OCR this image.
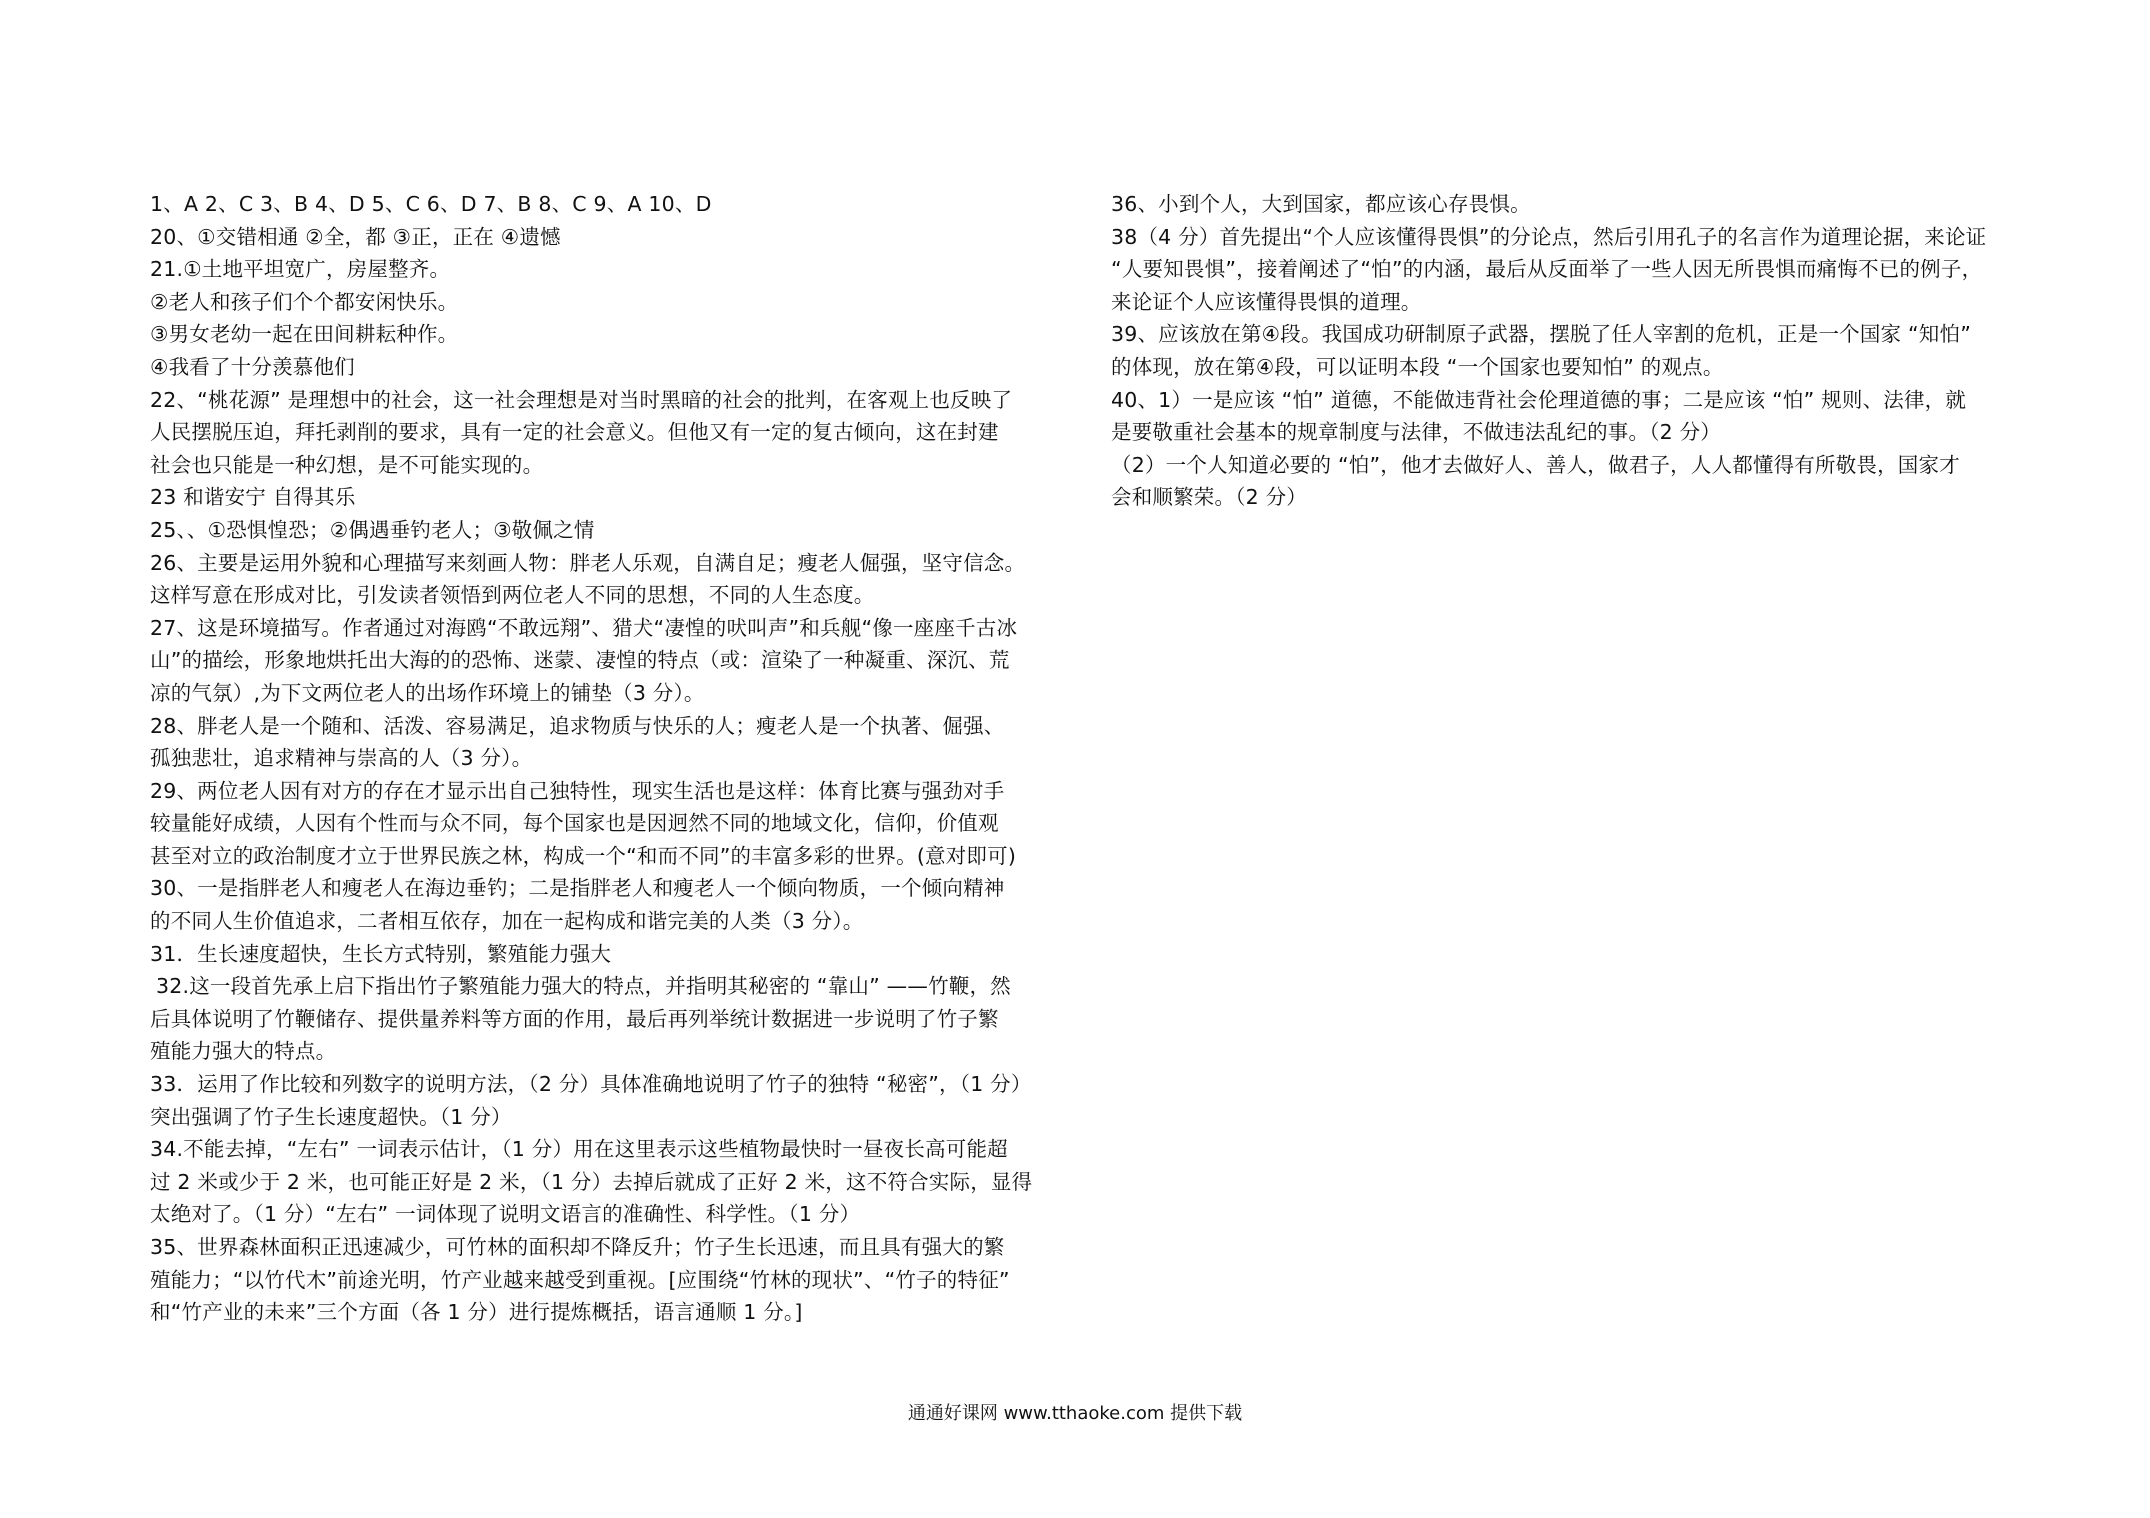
1、A 2、C 3、B 4、D 5、C 6、D 7、B 8、C 9、A 10、D
20、①交错相通 ②全，都 ③正，正在 ④遗憾
21.①土地平坦宽广，房屋整齐。
②老人和孩子们个个都安闲快乐。
③男女老幼一起在田间耕耘种作。
④我看了十分羡慕他们
22、“桃花源” 是理想中的社会，这一社会理想是对当时黑暗的社会的批判，在客观上也反映了
人民摆脱压迫，拜托剥削的要求，具有一定的社会意义。但他又有一定的复古倾向，这在封建
社会也只能是一种幻想，是不可能实现的。
23 和谐安宁 自得其乐
25、、①恐惧惶恐；②偶遇垂钓老人；③敬佩之情
26、主要是运用外貌和心理描写来刻画人物：胖老人乐观，自满自足；瘦老人倔强，坚守信念。
这样写意在形成对比，引发读者领悟到两位老人不同的思想，不同的人生态度。
27、这是环境描写。作者通过对海鸥“不敢远翔”、猎犬“凄惶的吠叫声”和兵舰“像一座座千古冰
山”的描绘，形象地烘托出大海的的恐怖、迷蒙、凄惶的特点（或：渲染了一种凝重、深沉、荒
凉的气氛）,为下文两位老人的出场作环境上的铺垫（3 分）。
28、胖老人是一个随和、活泼、容易满足，追求物质与快乐的人；瘦老人是一个执著、倔强、
孤独悲壮，追求精神与崇高的人（3 分）。
29、两位老人因有对方的存在才显示出自己独特性，现实生活也是这样：体育比赛与强劲对手
较量能好成绩，人因有个性而与众不同，每个国家也是因迥然不同的地域文化，信仰，价值观
甚至对立的政治制度才立于世界民族之林，构成一个“和而不同”的丰富多彩的世界。(意对即可)
30、一是指胖老人和瘦老人在海边垂钓；二是指胖老人和瘦老人一个倾向物质，一个倾向精神
的不同人生价值追求，二者相互依存，加在一起构成和谐完美的人类（3 分）。
31．生长速度超快，生长方式特别，繁殖能力强大
32.这一段首先承上启下指出竹子繁殖能力强大的特点，并指明其秘密的 “靠山” ——竹鞭，然
后具体说明了竹鞭储存、提供量养料等方面的作用，最后再列举统计数据进一步说明了竹子繁
殖能力强大的特点。
33．运用了作比较和列数字的说明方法，（2 分）具体准确地说明了竹子的独特 “秘密”，（1 分）
突出强调了竹子生长速度超快。（1 分）
34.不能去掉，“左右” 一词表示估计，（1 分）用在这里表示这些植物最快时一昼夜长高可能超
过 2 米或少于 2 米，也可能正好是 2 米，（1 分）去掉后就成了正好 2 米，这不符合实际，显得
太绝对了。（1 分）“左右” 一词体现了说明文语言的准确性、科学性。（1 分）
35、世界森林面积正迅速减少，可竹林的面积却不降反升；竹子生长迅速，而且具有强大的繁
殖能力；“以竹代木”前途光明，竹产业越来越受到重视。[应围绕“竹林的现状”、“竹子的特征”
和“竹产业的未来”三个方面（各 1 分）进行提炼概括，语言通顺 1 分。]
36、小到个人，大到国家，都应该心存畏惧。
38（4 分）首先提出“个人应该懂得畏惧”的分论点，然后引用孔子的名言作为道理论据，来论证
“人要知畏惧”，接着阐述了“怕”的内涵，最后从反面举了一些人因无所畏惧而痛悔不已的例子，
来论证个人应该懂得畏惧的道理。
39、应该放在第④段。我国成功研制原子武器，摆脱了任人宰割的危机，正是一个国家 “知怕”
的体现，放在第④段，可以证明本段 “一个国家也要知怕” 的观点。
40、1）一是应该 “怕” 道德，不能做违背社会伦理道德的事；二是应该 “怕” 规则、法律，就
是要敬重社会基本的规章制度与法律，不做违法乱纪的事。（2 分）
（2）一个人知道必要的 “怕”，他才去做好人、善人，做君子，人人都懂得有所敬畏，国家才
会和顺繁荣。（2 分）
通通好课网 www.tthaoke.com 提供下载
